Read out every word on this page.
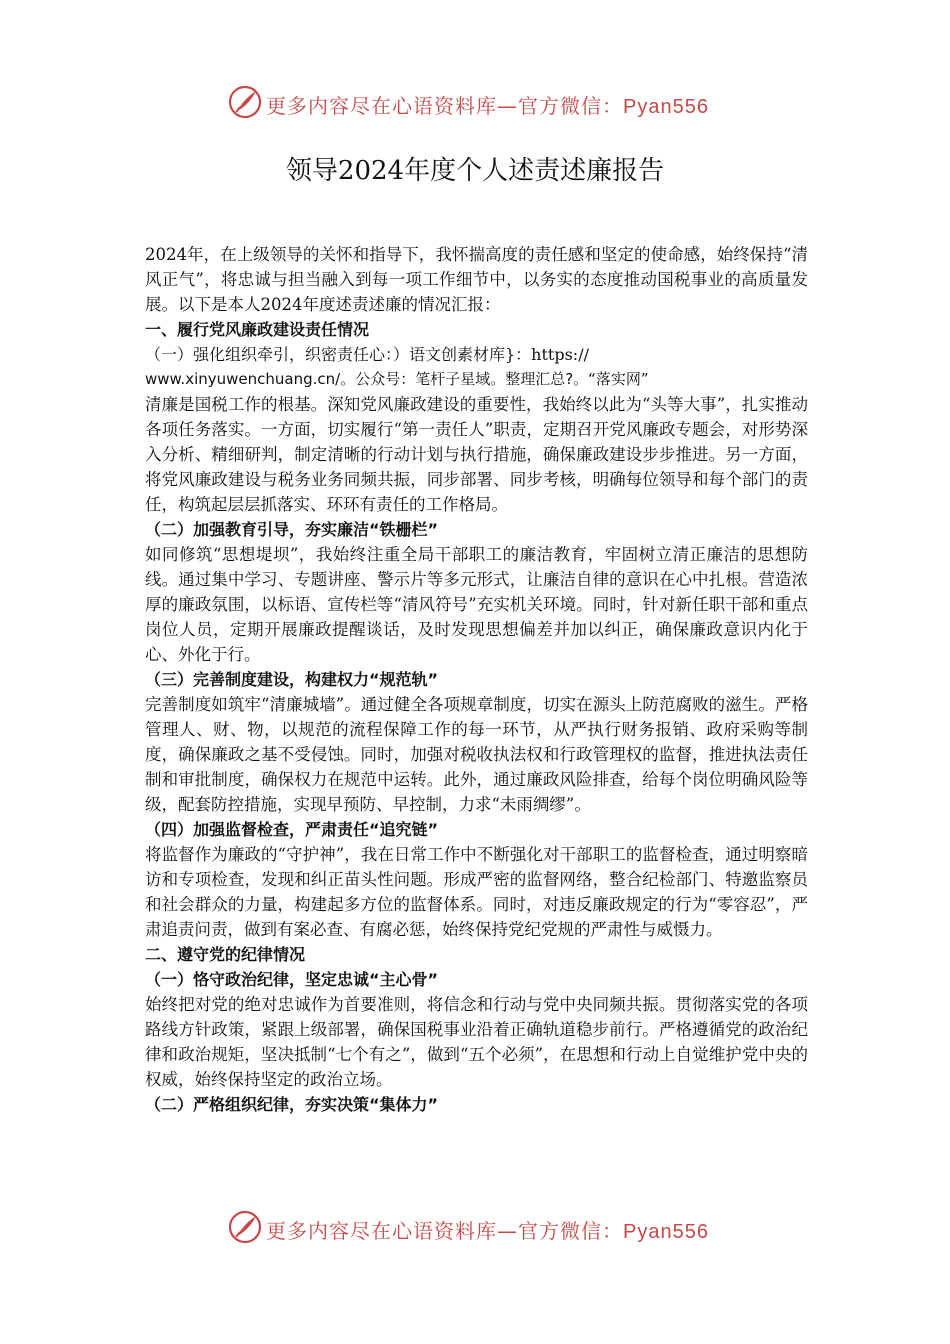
更多内容尽在心语资料库—官方微信：Pyan556
领导2024年度个人述责述廉报告

2024年，在上级领导的关怀和指导下，我怀揣高度的责任感和坚定的使命感，始终保持“清风正气”，将忠诚与担当融入到每一项工作细节中，以务实的态度推动国税事业的高质量发展。以下是本人2024年度述责述廉的情况汇报：

一、履行党风廉政建设责任情况

（一）强化组织牵引，织密责任心：）语文创素材库}：https://

www.xinyuwenchuang.cn/。公众号：笔杆子星域。整理汇总?。“落实网”

清廉是国税工作的根基。深知党风廉政建设的重要性，我始终以此为“头等大事”，扎实推动各项任务落实。一方面，切实履行“第一责任人”职责，定期召开党风廉政专题会，对形势深入分析、精细研判，制定清晰的行动计划与执行措施，确保廉政建设步步推进。另一方面，将党风廉政建设与税务业务同频共振，同步部署、同步考核，明确每位领导和每个部门的责任，构筑起层层抓落实、环环有责任的工作格局。

（二）加强教育引导，夯实廉洁“铁栅栏”

如同修筑“思想堤坝”，我始终注重全局干部职工的廉洁教育，牢固树立清正廉洁的思想防线。通过集中学习、专题讲座、警示片等多元形式，让廉洁自律的意识在心中扎根。营造浓厚的廉政氛围，以标语、宣传栏等“清风符号”充实机关环境。同时，针对新任职干部和重点岗位人员，定期开展廉政提醒谈话，及时发现思想偏差并加以纠正，确保廉政意识内化于心、外化于行。

（三）完善制度建设，构建权力“规范轨”

完善制度如筑牢“清廉城墙”。通过健全各项规章制度，切实在源头上防范腐败的滋生。严格管理人、财、物，以规范的流程保障工作的每一环节，从严执行财务报销、政府采购等制度，确保廉政之基不受侵蚀。同时，加强对税收执法权和行政管理权的监督，推进执法责任制和审批制度，确保权力在规范中运转。此外，通过廉政风险排查，给每个岗位明确风险等级，配套防控措施，实现早预防、早控制，力求“未雨绸缪”。

（四）加强监督检查，严肃责任“追究链”

将监督作为廉政的“守护神”，我在日常工作中不断强化对干部职工的监督检查，通过明察暗访和专项检查，发现和纠正苗头性问题。形成严密的监督网络，整合纪检部门、特邀监察员和社会群众的力量，构建起多方位的监督体系。同时，对违反廉政规定的行为“零容忍”，严肃追责问责，做到有案必查、有腐必惩，始终保持党纪党规的严肃性与威慑力。

二、遵守党的纪律情况

（一）恪守政治纪律，坚定忠诚“主心骨”

始终把对党的绝对忠诚作为首要准则，将信念和行动与党中央同频共振。贯彻落实党的各项路线方针政策，紧跟上级部署，确保国税事业沿着正确轨道稳步前行。严格遵循党的政治纪律和政治规矩，坚决抵制“七个有之”，做到“五个必须”，在思想和行动上自觉维护党中央的权威，始终保持坚定的政治立场。

（二）严格组织纪律，夯实决策“集体力”

更多内容尽在心语资料库—官方微信：Pyan556
